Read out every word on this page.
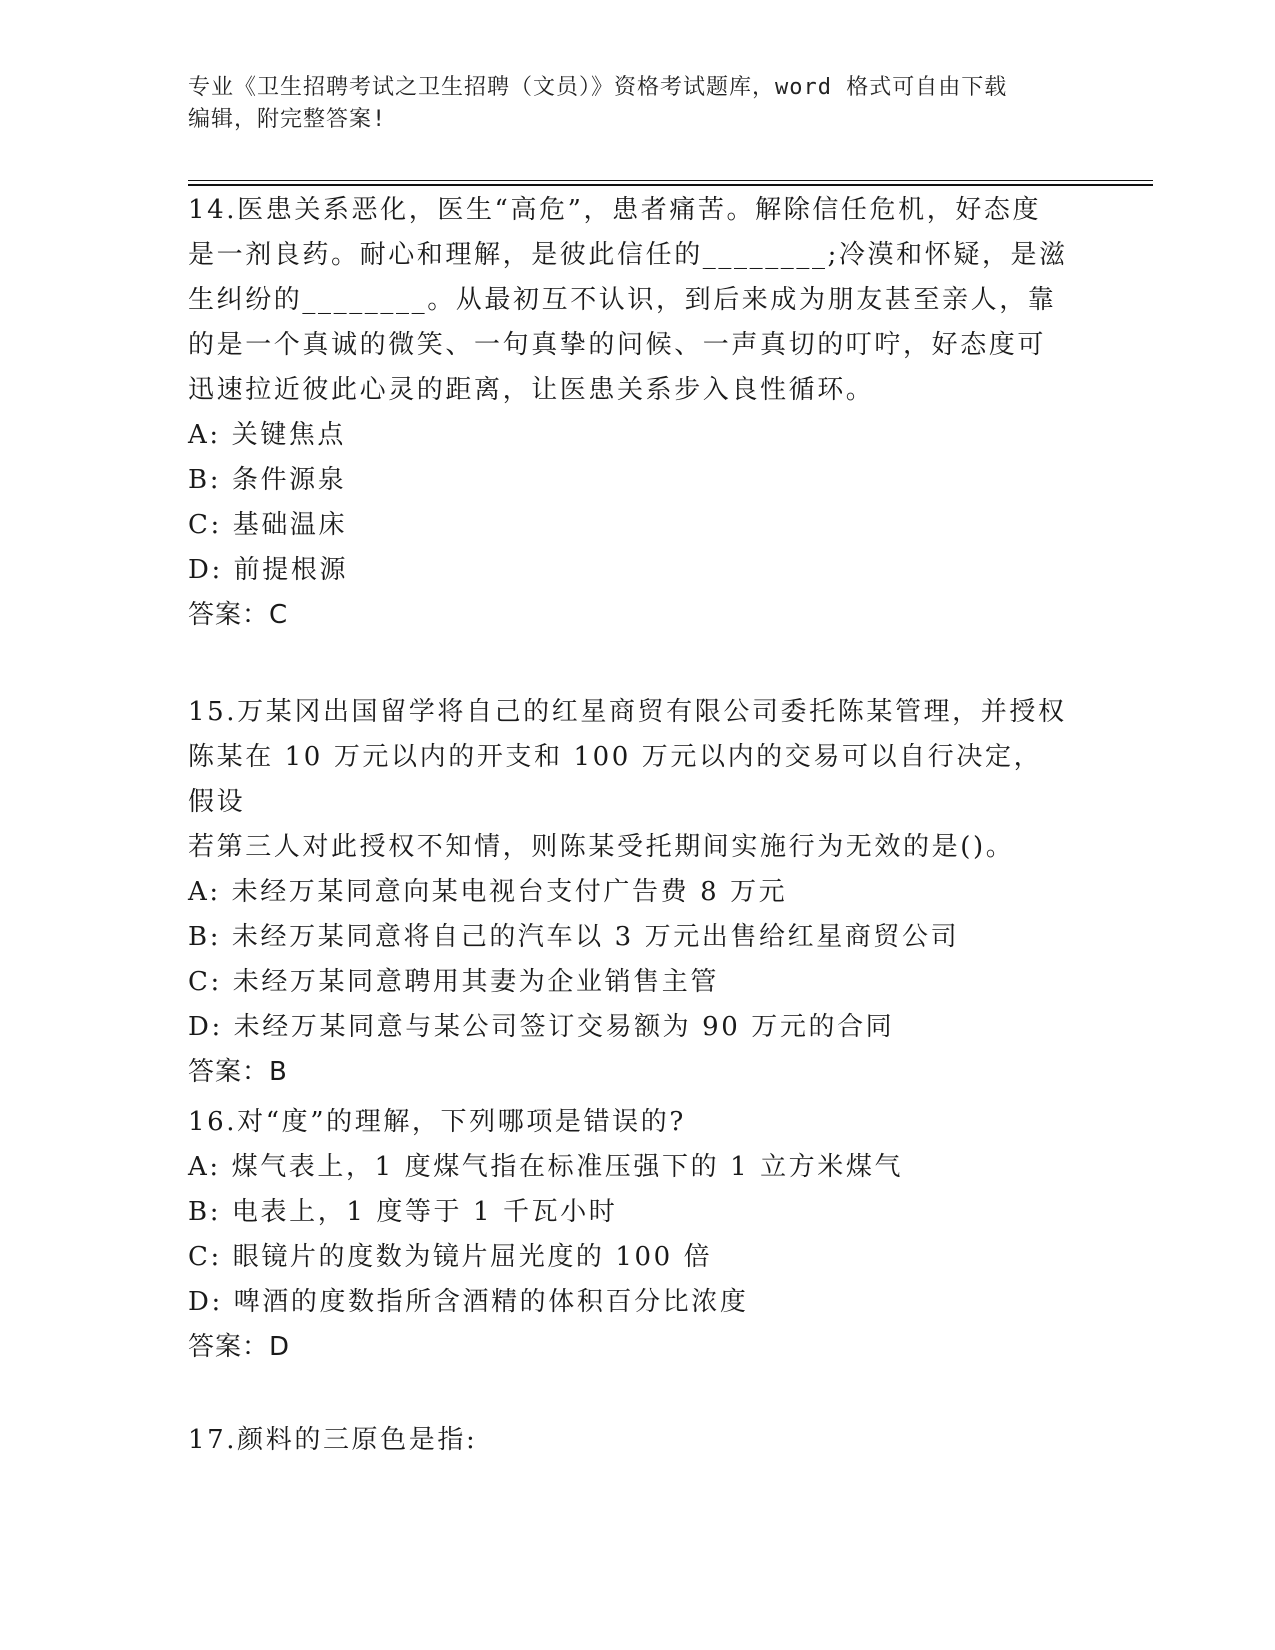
专业《卫生招聘考试之卫生招聘（文员）》资格考试题库，word 格式可自由下载
编辑，附完整答案!

14.医患关系恶化，医生“高危”，患者痛苦。解除信任危机，好态度

是一剂良药。耐心和理解，是彼此信任的________;冷漠和怀疑，是滋

生纠纷的________。从最初互不认识，到后来成为朋友甚至亲人，靠

的是一个真诚的微笑、一句真挚的问候、一声真切的叮咛，好态度可

迅速拉近彼此心灵的距离，让医患关系步入良性循环。

A: 关键焦点

B: 条件源泉

C: 基础温床

D: 前提根源

答案：C

15.万某冈出国留学将自己的红星商贸有限公司委托陈某管理，并授权

陈某在 10 万元以内的开支和 100 万元以内的交易可以自行决定，假设

若第三人对此授权不知情，则陈某受托期间实施行为无效的是()。

A: 未经万某同意向某电视台支付广告费 8 万元

B: 未经万某同意将自己的汽车以 3 万元出售给红星商贸公司

C: 未经万某同意聘用其妻为企业销售主管

D: 未经万某同意与某公司签订交易额为 90 万元的合同

答案：B

16.对“度”的理解，下列哪项是错误的?

A: 煤气表上，1 度煤气指在标准压强下的 1 立方米煤气

B: 电表上，1 度等于 1 千瓦小时

C: 眼镜片的度数为镜片屈光度的 100 倍

D: 啤酒的度数指所含酒精的体积百分比浓度

答案：D

17.颜料的三原色是指:
